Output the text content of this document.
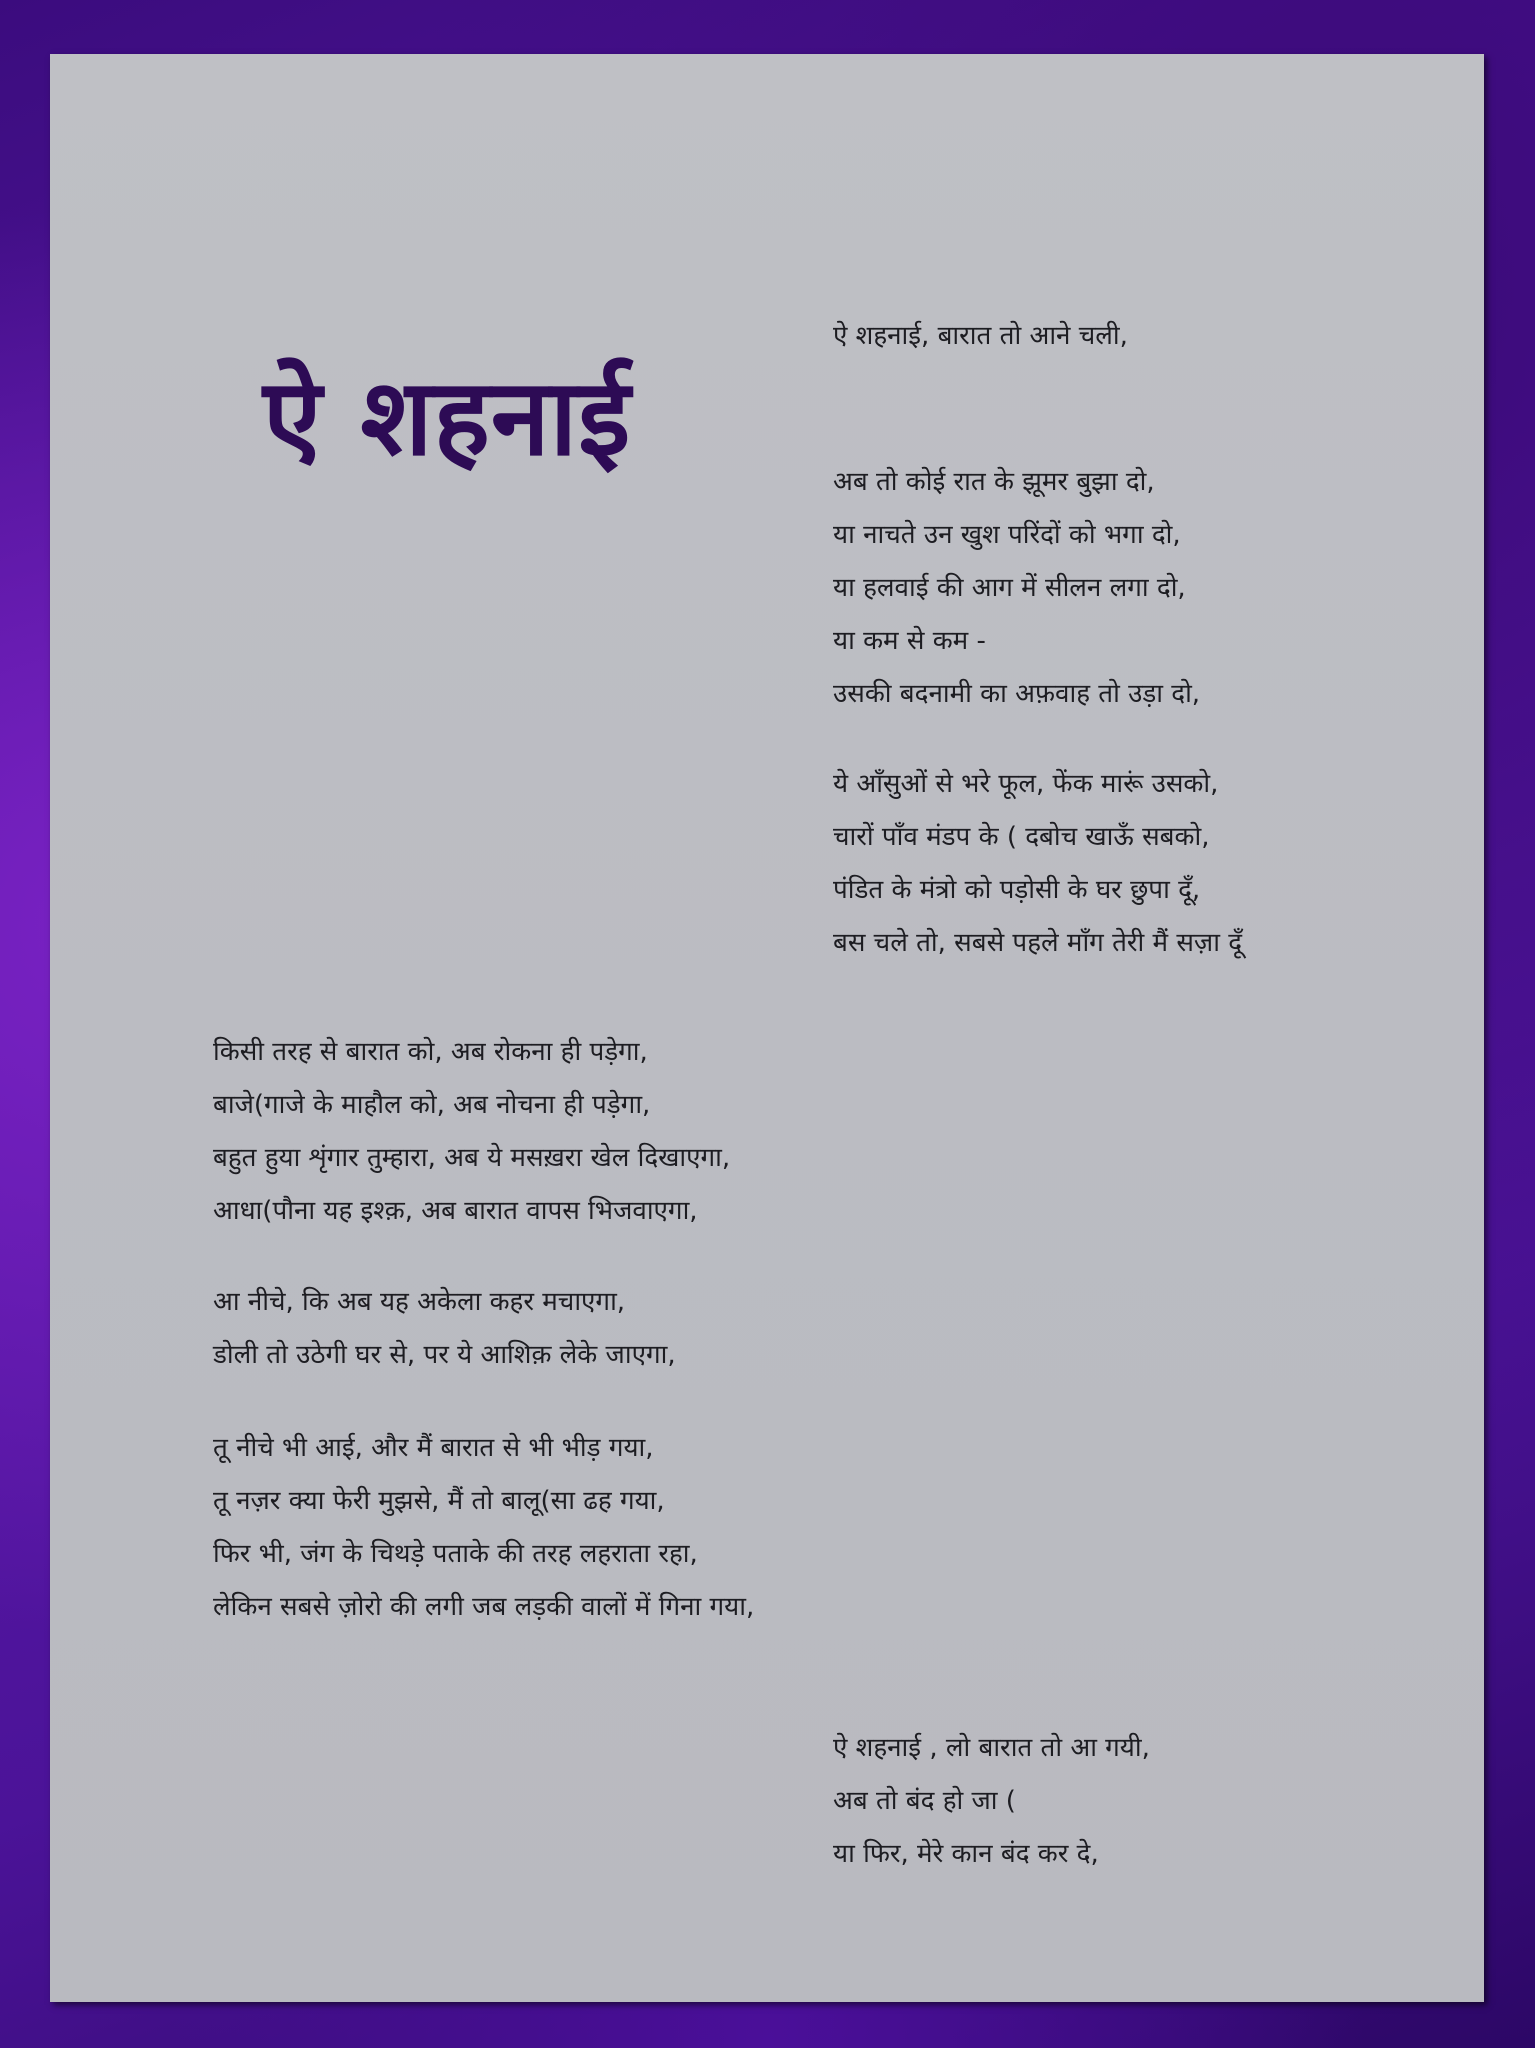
ऐ शहनाई
ऐ शहनाई, बारात तो आने चली,
अब तो कोई रात के झूमर बुझा दो,
या नाचते उन खुश परिंदों को भगा दो,
या हलवाई की आग में सीलन लगा दो,
या कम से कम -
उसकी बदनामी का अफ़वाह तो उड़ा दो,
ये आँसुओं से भरे फूल, फेंक मारूं उसको,
चारों पाँव मंडप के ( दबोच खाऊँ सबको,
पंडित के मंत्रो को पड़ोसी के घर छुपा दूँ,
बस चले तो, सबसे पहले माँग तेरी मैं सज़ा दूँ
किसी तरह से बारात को, अब रोकना ही पड़ेगा,
बाजे(गाजे के माहौल को, अब नोचना ही पड़ेगा,
बहुत हुया शृंगार तुम्हारा, अब ये मसख़रा खेल दिखाएगा,
आधा(पौना यह इश्क़, अब बारात वापस भिजवाएगा,
आ नीचे, कि अब यह अकेला कहर मचाएगा,
डोली तो उठेगी घर से, पर ये आशिक़ लेके जाएगा,
तू नीचे भी आई, और मैं बारात से भी भीड़ गया,
तू नज़र क्या फेरी मुझसे, मैं तो बालू(सा ढह गया,
फिर भी, जंग के चिथड़े पताके की तरह लहराता रहा,
लेकिन सबसे ज़ोरो की लगी जब लड़की वालों में गिना गया,
ऐ शहनाई , लो बारात तो आ गयी,
अब तो बंद हो जा (
या फिर, मेरे कान बंद कर दे,
